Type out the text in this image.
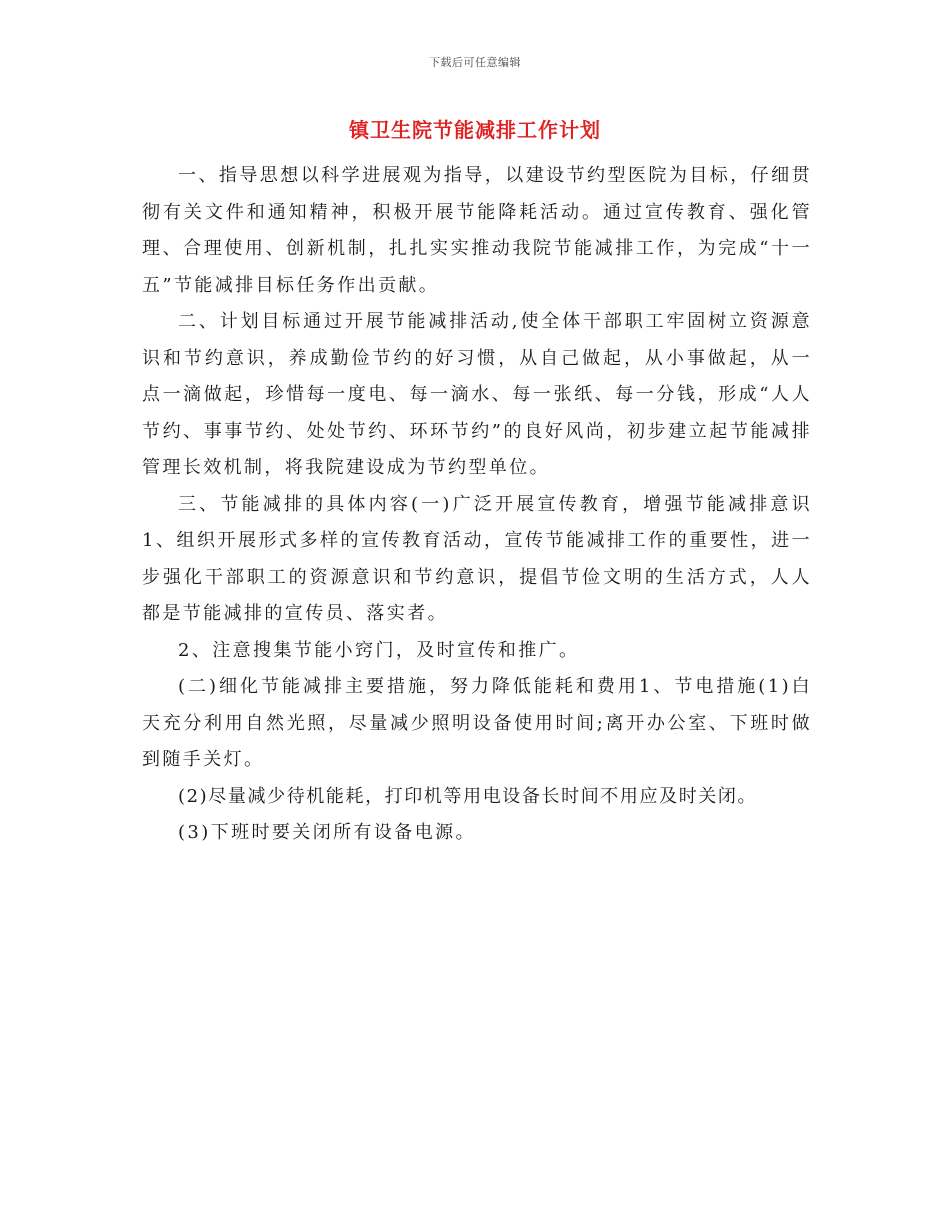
下载后可任意编辑
镇卫生院节能减排工作计划

一、指导思想以科学进展观为指导，以建设节约型医院为目标，仔细贯彻有关文件和通知精神，积极开展节能降耗活动。通过宣传教育、强化管理、合理使用、创新机制，扎扎实实推动我院节能减排工作，为完成“十一五”节能减排目标任务作出贡献。

二、计划目标通过开展节能减排活动,使全体干部职工牢固树立资源意识和节约意识，养成勤俭节约的好习惯，从自己做起，从小事做起，从一点一滴做起，珍惜每一度电、每一滴水、每一张纸、每一分钱，形成“人人节约、事事节约、处处节约、环环节约”的良好风尚，初步建立起节能减排管理长效机制，将我院建设成为节约型单位。

三、节能减排的具体内容(一)广泛开展宣传教育，增强节能减排意识1、组织开展形式多样的宣传教育活动，宣传节能减排工作的重要性，进一步强化干部职工的资源意识和节约意识，提倡节俭文明的生活方式，人人都是节能减排的宣传员、落实者。

2、注意搜集节能小窍门，及时宣传和推广。

(二)细化节能减排主要措施，努力降低能耗和费用1、节电措施(1)白天充分利用自然光照，尽量减少照明设备使用时间;离开办公室、下班时做到随手关灯。

(2)尽量减少待机能耗，打印机等用电设备长时间不用应及时关闭。

(3)下班时要关闭所有设备电源。
